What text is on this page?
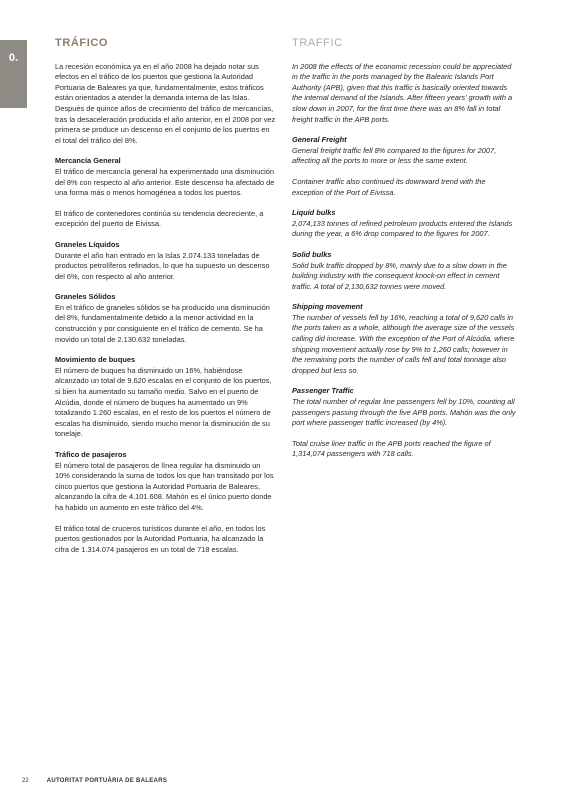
0.
TRÁFICO

La recesión económica ya en el año 2008 ha dejado notar sus efectos en el tráfico de los puertos que gestiona la Autoridad Portuaria de Baleares ya que, fundamentalmente, estos tráficos están orientados a atender la demanda interna de las Islas. Después de quince años de crecimiento del tráfico de mercancías, tras la desaceleración producida el año anterior, en el 2008 por vez primera se produce un descenso en el conjunto de los puertos en el total del tráfico del 8%.

Mercancía General

El tráfico de mercancía general ha experimentado una disminución del 8% con respecto al año anterior. Este descenso ha afectado de una forma más o menos homogénea a todos los puertos.

El tráfico de contenedores continúa su tendencia decreciente, a excepción del puerto de Eivissa.

Graneles Líquidos

Durante el año han entrado en la Islas 2.074.133 toneladas de productos petrolíferos refinados, lo que ha supuesto un descenso del 6%, con respecto al año anterior.

Graneles Sólidos

En el tráfico de graneles sólidos se ha producido una disminución del 8%, fundamentalmente debido a la menor actividad en la construcción y por consiguiente en el tráfico de cemento. Se ha movido un total de 2.130.632 toneladas.

Movimiento de buques

El número de buques ha disminuido un 16%, habiéndose alcanzado un total de 9.620 escalas en el conjunto de los puertos, si bien ha aumentado su tamaño medio. Salvo en el puerto de Alcúdia, donde el número de buques ha aumentado un 9% totalizando 1.260 escalas, en el resto de los puertos el número de escalas ha disminuido, siendo mucho menor la disminución de su tonelaje.

Tráfico de pasajeros

El número total de pasajeros de línea regular ha disminuido un 10% considerando la suma de todos los que han transitado por los cinco puertos que gestiona la Autoridad Portuaria de Baleares, alcanzando la cifra de 4.101.608. Mahón es el único puerto donde ha habido un aumento en este tráfico del 4%.

El tráfico total de cruceros turísticos durante el año, en todos los puertos gestionados por la Autoridad Portuaria, ha alcanzado la cifra de 1.314.074 pasajeros en un total de 718 escalas.

TRAFFIC

In 2008 the effects of the economic recession could be appreciated in the traffic in the ports managed by the Balearic Islands Port Authority (APB), given that this traffic is basically oriented towards the internal demand of the Islands. After fifteen years' growth with a slow down in 2007, for the first time there was an 8% fall in total freight traffic in the APB ports.

General Freight

General freight traffic fell 8% compared to the figures for 2007, affecting all the ports to more or less the same extent.

Container traffic also continued its downward trend with the exception of the Port of Eivissa.

Liquid bulks

2,074,133 tonnes of refined petroleum products entered the Islands during the year, a 6% drop compared to the figures for 2007.

Solid bulks

Solid bulk traffic dropped by 8%, mainly due to a slow down in the building industry with the consequent knock-on effect in cement traffic. A total of 2,130,632 tonnes were moved.

Shipping movement

The number of vessels fell by 16%, reaching a total of 9,620 calls in the ports taken as a whole, although the average size of the vessels calling did increase. With the exception of the Port of Alcúdia, where shipping movement actually rose by 9% to 1,260 calls; however in the remaining ports the number of calls fell and total tonnage also dropped but less so.

Passenger Traffic

The total number of regular line passengers fell by 10%, counting all passengers passing through the five APB ports. Mahón was the only port where passenger traffic increased (by 4%).

Total cruise liner traffic in the APB ports reached the figure of 1,314,074 passengers with 718 calls.

22	AUTORITAT PORTUÀRIA DE BALEARS
